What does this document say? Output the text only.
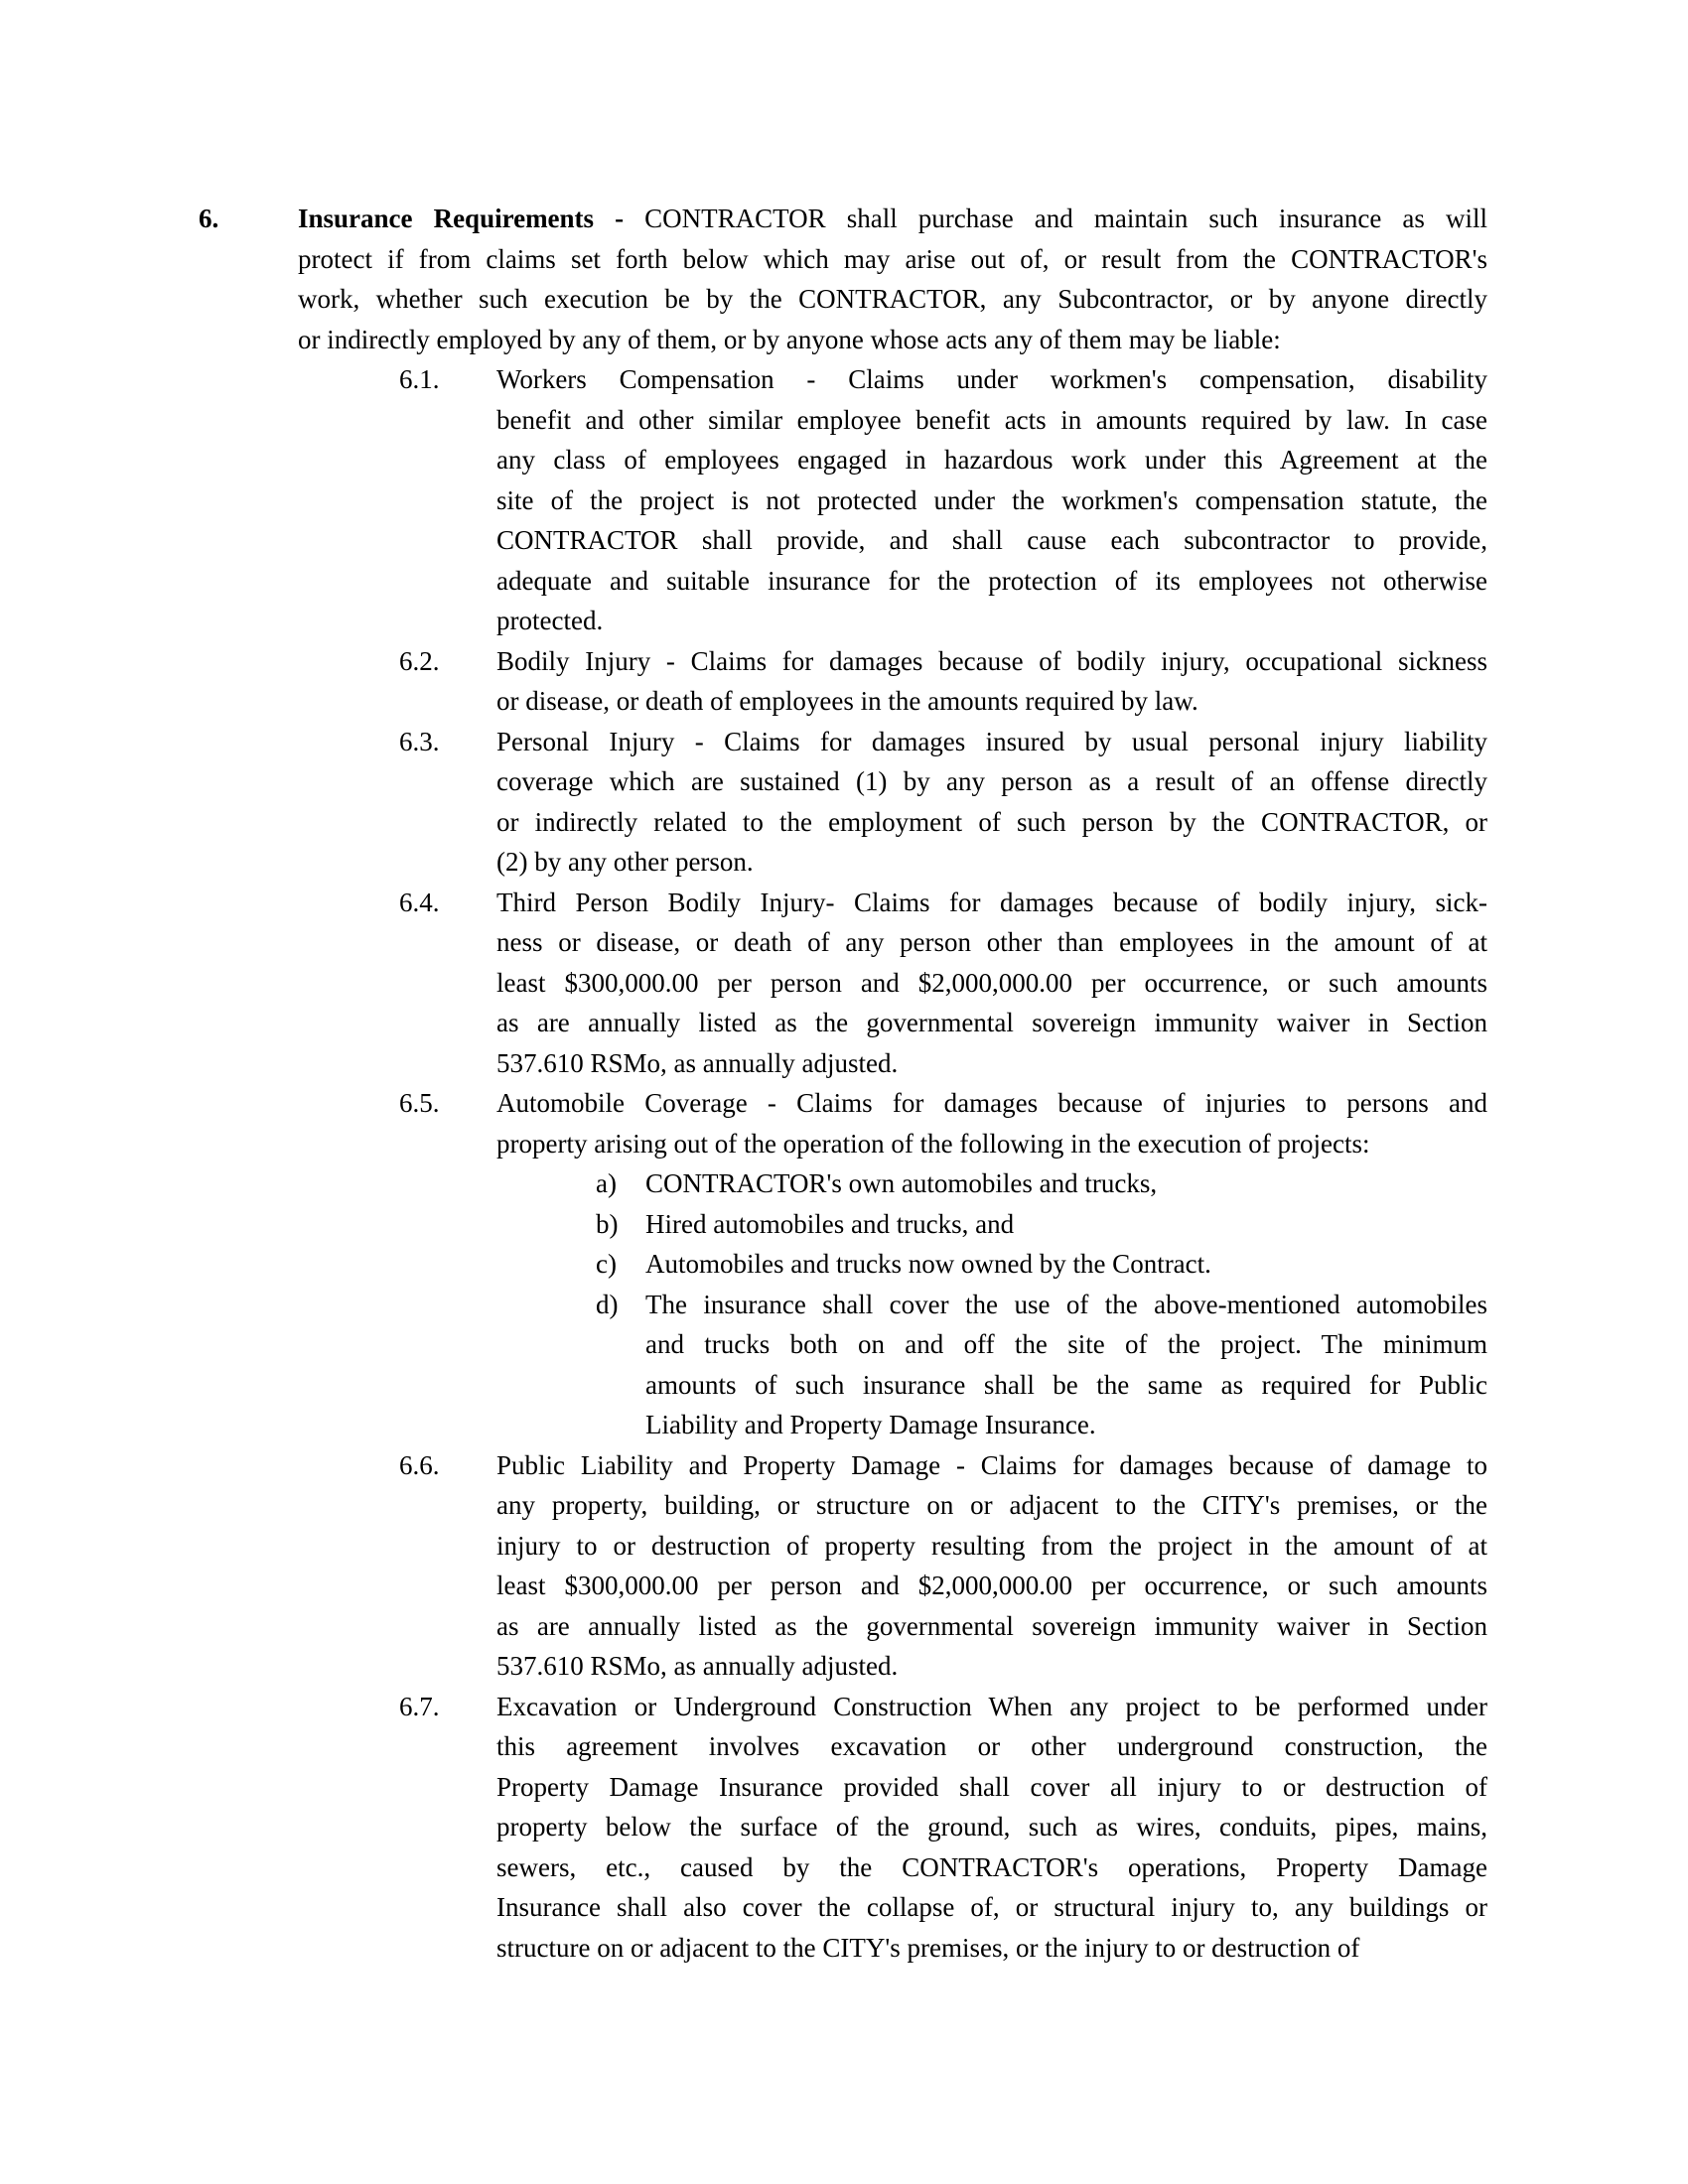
6.	Insurance Requirements - CONTRACTOR shall purchase and maintain such insurance as will
protect if from claims set forth below which may arise out of, or result from the CONTRACTOR's
work, whether such execution be by the CONTRACTOR, any Subcontractor, or by anyone directly
or indirectly employed by any of them, or by anyone whose acts any of them may be liable:
6.1. Workers Compensation - Claims under workmen's compensation, disability
benefit and other similar employee benefit acts in amounts required by law. In case
any class of employees engaged in hazardous work under this Agreement at the
site of the project is not protected under the workmen's compensation statute, the
CONTRACTOR shall provide, and shall cause each subcontractor to provide,
adequate and suitable insurance for the protection of its employees not otherwise
protected.
6.2. Bodily Injury - Claims for damages because of bodily injury, occupational sickness
or disease, or death of employees in the amounts required by law.
6.3. Personal Injury - Claims for damages insured by usual personal injury liability
coverage which are sustained (1) by any person as a result of an offense directly
or indirectly related to the employment of such person by the CONTRACTOR, or
(2) by any other person.
6.4. Third Person Bodily Injury- Claims for damages because of bodily injury, sick-
ness or disease, or death of any person other than employees in the amount of at
least $300,000.00 per person and $2,000,000.00 per occurrence, or such amounts
as are annually listed as the governmental sovereign immunity waiver in Section
537.610 RSMo, as annually adjusted.
6.5. Automobile Coverage - Claims for damages because of injuries to persons and
property arising out of the operation of the following in the execution of projects:
a) CONTRACTOR's own automobiles and trucks,
b) Hired automobiles and trucks, and
c) Automobiles and trucks now owned by the Contract.
d) The insurance shall cover the use of the above-mentioned automobiles
and trucks both on and off the site of the project. The minimum
amounts of such insurance shall be the same as required for Public
Liability and Property Damage Insurance.
6.6. Public Liability and Property Damage - Claims for damages because of damage to
any property, building, or structure on or adjacent to the CITY's premises, or the
injury to or destruction of property resulting from the project in the amount of at
least $300,000.00 per person and $2,000,000.00 per occurrence, or such amounts
as are annually listed as the governmental sovereign immunity waiver in Section
537.610 RSMo, as annually adjusted.
6.7. Excavation or Underground Construction When any project to be performed under
this agreement involves excavation or other underground construction, the
Property Damage Insurance provided shall cover all injury to or destruction of
property below the surface of the ground, such as wires, conduits, pipes, mains,
sewers, etc., caused by the CONTRACTOR's operations, Property Damage
Insurance shall also cover the collapse of, or structural injury to, any buildings or
structure on or adjacent to the CITY's premises, or the injury to or destruction of
